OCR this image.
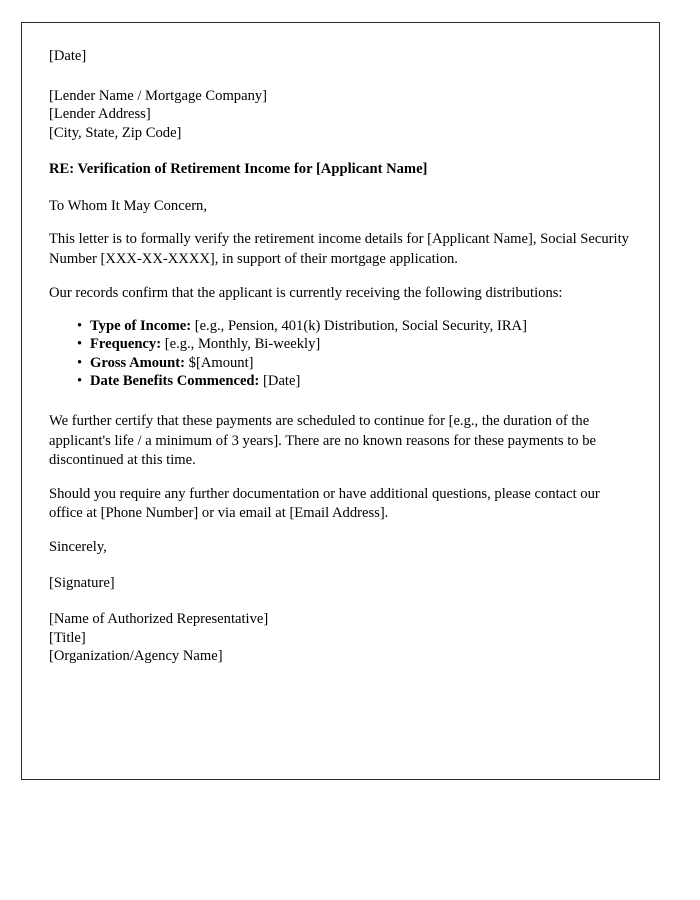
[Date]
[Lender Name / Mortgage Company]
[Lender Address]
[City, State, Zip Code]
RE: Verification of Retirement Income for [Applicant Name]
To Whom It May Concern,
This letter is to formally verify the retirement income details for [Applicant Name], Social Security Number [XXX-XX-XXXX], in support of their mortgage application.
Our records confirm that the applicant is currently receiving the following distributions:
• Type of Income: [e.g., Pension, 401(k) Distribution, Social Security, IRA]
• Frequency: [e.g., Monthly, Bi-weekly]
• Gross Amount: $[Amount]
• Date Benefits Commenced: [Date]
We further certify that these payments are scheduled to continue for [e.g., the duration of the applicant's life / a minimum of 3 years]. There are no known reasons for these payments to be discontinued at this time.
Should you require any further documentation or have additional questions, please contact our office at [Phone Number] or via email at [Email Address].
Sincerely,
[Signature]
[Name of Authorized Representative]
[Title]
[Organization/Agency Name]
